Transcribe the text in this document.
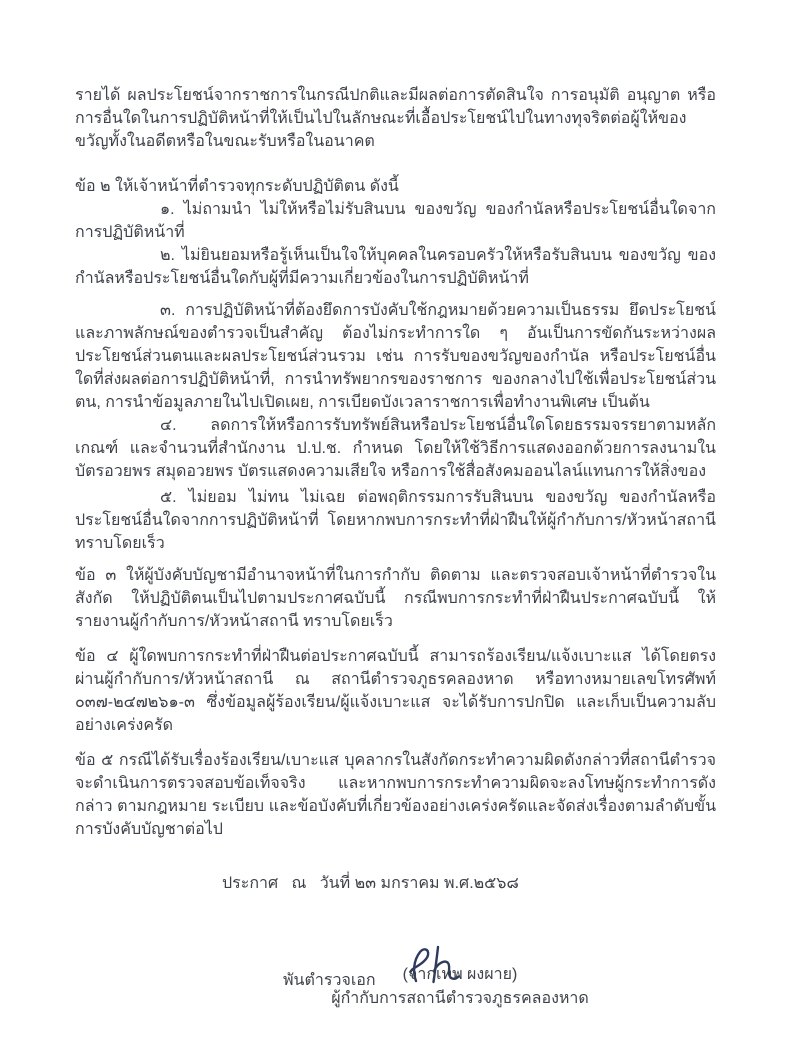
รายได้ ผลประโยชน์จากราชการในกรณีปกติและมีผลต่อการตัดสินใจ การอนุมัติ อนุญาต หรือการอื่นใดในการปฏิบัติหน้าที่ให้เป็นไปในลักษณะที่เอื้อประโยชน์ไปในทางทุจริตต่อผู้ให้ของขวัญทั้งในอดีตหรือในขณะรับหรือในอนาคต

ข้อ ๒ ให้เจ้าหน้าที่ตำรวจทุกระดับปฏิบัติตน ดังนี้

๑. ไม่ถามนำ ไม่ให้หรือไม่รับสินบน ของขวัญ ของกำนัลหรือประโยชน์อื่นใดจากการปฏิบัติหน้าที่

๒. ไม่ยินยอมหรือรู้เห็นเป็นใจให้บุคคลในครอบครัวให้หรือรับสินบน ของขวัญ ของกำนัลหรือประโยชน์อื่นใดกับผู้ที่มีความเกี่ยวข้องในการปฏิบัติหน้าที่

๓. การปฏิบัติหน้าที่ต้องยึดการบังคับใช้กฎหมายด้วยความเป็นธรรม ยึดประโยชน์และภาพลักษณ์ของตำรวจเป็นสำคัญ ต้องไม่กระทำการใด ๆ อันเป็นการขัดกันระหว่างผลประโยชน์ส่วนตนและผลประโยชน์ส่วนรวม เช่น การรับของขวัญของกำนัล หรือประโยชน์อื่นใดที่ส่งผลต่อการปฏิบัติหน้าที่, การนำทรัพยากรของราชการ ของกลางไปใช้เพื่อประโยชน์ส่วนตน, การนำข้อมูลภายในไปเปิดเผย, การเบียดบังเวลาราชการเพื่อทำงานพิเศษ เป็นต้น

๔. ลดการให้หรือการรับทรัพย์สินหรือประโยชน์อื่นใดโดยธรรมจรรยาตามหลักเกณฑ์ และจำนวนที่สำนักงาน ป.ป.ช. กำหนด โดยให้ใช้วิธีการแสดงออกด้วยการลงนามในบัตรอวยพร สมุดอวยพร บัตรแสดงความเสียใจ หรือการใช้สื่อสังคมออนไลน์แทนการให้สิ่งของ

๕. ไม่ยอม ไม่ทน ไม่เฉย ต่อพฤติกรรมการรับสินบน ของขวัญ ของกำนัลหรือประโยชน์อื่นใดจากการปฏิบัติหน้าที่ โดยหากพบการกระทำที่ฝ่าฝืนให้ผู้กำกับการ/หัวหน้าสถานี ทราบโดยเร็ว

ข้อ ๓ ให้ผู้บังคับบัญชามีอำนาจหน้าที่ในการกำกับ ติดตาม และตรวจสอบเจ้าหน้าที่ตำรวจในสังกัด ให้ปฏิบัติตนเป็นไปตามประกาศฉบับนี้ กรณีพบการกระทำที่ฝ่าฝืนประกาศฉบับนี้ ให้รายงานผู้กำกับการ/หัวหน้าสถานี ทราบโดยเร็ว

ข้อ ๔ ผู้ใดพบการกระทำที่ฝ่าฝืนต่อประกาศฉบับนี้ สามารถร้องเรียน/แจ้งเบาะแส ได้โดยตรง ผ่านผู้กำกับการ/หัวหน้าสถานี ณ สถานีตำรวจภูธรคลองหาด หรือทางหมายเลขโทรศัพท์ ๐๓๗-๒๔๗๒๖๑-๓ ซึ่งข้อมูลผู้ร้องเรียน/ผู้แจ้งเบาะแส จะได้รับการปกปิด และเก็บเป็นความลับอย่างเคร่งครัด

ข้อ ๕ กรณีได้รับเรื่องร้องเรียน/เบาะแส บุคลากรในสังกัดกระทำความผิดดังกล่าวที่สถานีตำรวจจะดำเนินการตรวจสอบข้อเท็จจริง และหากพบการกระทำความผิดจะลงโทษผู้กระทำการดังกล่าว ตามกฎหมาย ระเบียบ และข้อบังคับที่เกี่ยวข้องอย่างเคร่งครัดและจัดส่งเรื่องตามลำดับขั้นการบังคับบัญชาต่อไป

ประกาศ   ณ   วันที่ ๒๓ มกราคม พ.ศ.๒๕๖๘

พันตำรวจเอก	(จากเทพ ผงผาย)
ผู้กำกับการสถานีตำรวจภูธรคลองหาด
